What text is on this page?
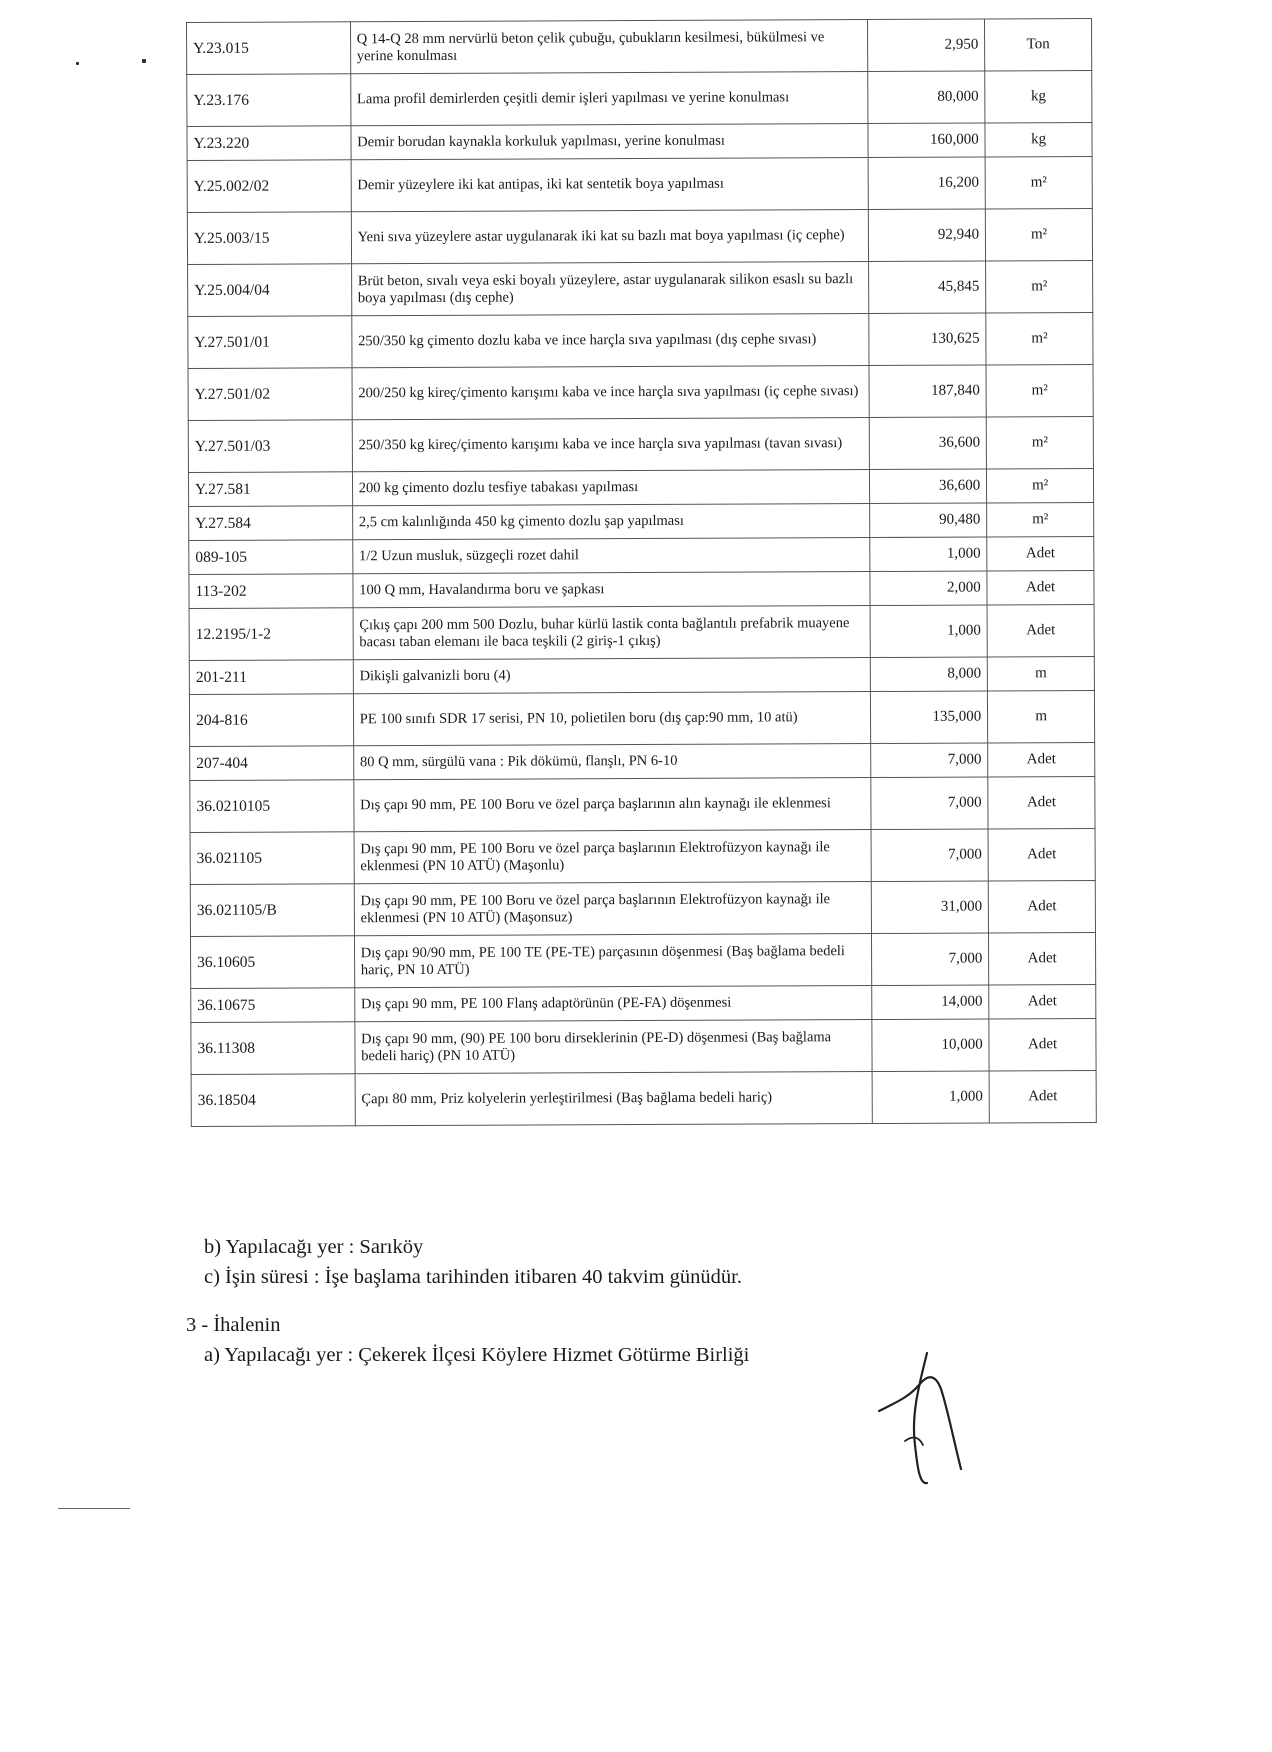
Y.23.015	Q 14-Q 28 mm nervürlü beton çelik çubuğu, çubukların kesilmesi, bükülmesi ve yerine konulması	2,950	Ton
Y.23.176	Lama profil demirlerden çeşitli demir işleri yapılması ve yerine konulması	80,000	kg
Y.23.220	Demir borudan kaynakla korkuluk yapılması, yerine konulması	160,000	kg
Y.25.002/02	Demir yüzeylere iki kat antipas, iki kat sentetik boya yapılması	16,200	m²
Y.25.003/15	Yeni sıva yüzeylere astar uygulanarak iki kat su bazlı mat boya yapılması (iç cephe)	92,940	m²
Y.25.004/04	Brüt beton, sıvalı veya eski boyalı yüzeylere, astar uygulanarak silikon esaslı su bazlı boya yapılması (dış cephe)	45,845	m²
Y.27.501/01	250/350 kg çimento dozlu kaba ve ince harçla sıva yapılması (dış cephe sıvası)	130,625	m²
Y.27.501/02	200/250 kg kireç/çimento karışımı kaba ve ince harçla sıva yapılması (iç cephe sıvası)	187,840	m²
Y.27.501/03	250/350 kg kireç/çimento karışımı kaba ve ince harçla sıva yapılması (tavan sıvası)	36,600	m²
Y.27.581	200 kg çimento dozlu tesfiye tabakası yapılması	36,600	m²
Y.27.584	2,5 cm kalınlığında 450 kg çimento dozlu şap yapılması	90,480	m²
089-105	1/2 Uzun musluk, süzgeçli rozet dahil	1,000	Adet
113-202	100 Q mm, Havalandırma boru ve şapkası	2,000	Adet
12.2195/1-2	Çıkış çapı 200 mm 500 Dozlu, buhar kürlü lastik conta bağlantılı prefabrik muayene bacası taban elemanı ile baca teşkili (2 giriş-1 çıkış)	1,000	Adet
201-211	Dikişli galvanizli boru (4)	8,000	m
204-816	PE 100 sınıfı SDR 17 serisi, PN 10, polietilen boru (dış çap:90 mm, 10 atü)	135,000	m
207-404	80 Q mm, sürgülü vana : Pik dökümü, flanşlı, PN 6-10	7,000	Adet
36.0210105	Dış çapı 90 mm, PE 100 Boru ve özel parça başlarının alın kaynağı ile eklenmesi	7,000	Adet
36.021105	Dış çapı 90 mm, PE 100 Boru ve özel parça başlarının Elektrofüzyon kaynağı ile eklenmesi (PN 10 ATÜ) (Maşonlu)	7,000	Adet
36.021105/B	Dış çapı 90 mm, PE 100 Boru ve özel parça başlarının Elektrofüzyon kaynağı ile eklenmesi (PN 10 ATÜ) (Maşonsuz)	31,000	Adet
36.10605	Dış çapı 90/90 mm, PE 100 TE (PE-TE) parçasının döşenmesi (Baş bağlama bedeli hariç, PN 10 ATÜ)	7,000	Adet
36.10675	Dış çapı 90 mm, PE 100 Flanş adaptörünün (PE-FA) döşenmesi	14,000	Adet
36.11308	Dış çapı 90 mm, (90) PE 100 boru dirseklerinin (PE-D) döşenmesi (Baş bağlama bedeli hariç) (PN 10 ATÜ)	10,000	Adet
36.18504	Çapı 80 mm, Priz kolyelerin yerleştirilmesi (Baş bağlama bedeli hariç)	1,000	Adet

b) Yapılacağı yer : Sarıköy

c) İşin süresi : İşe başlama tarihinden itibaren 40 takvim günüdür.

3 - İhalenin

a) Yapılacağı yer : Çekerek İlçesi Köylere Hizmet Götürme Birliği
